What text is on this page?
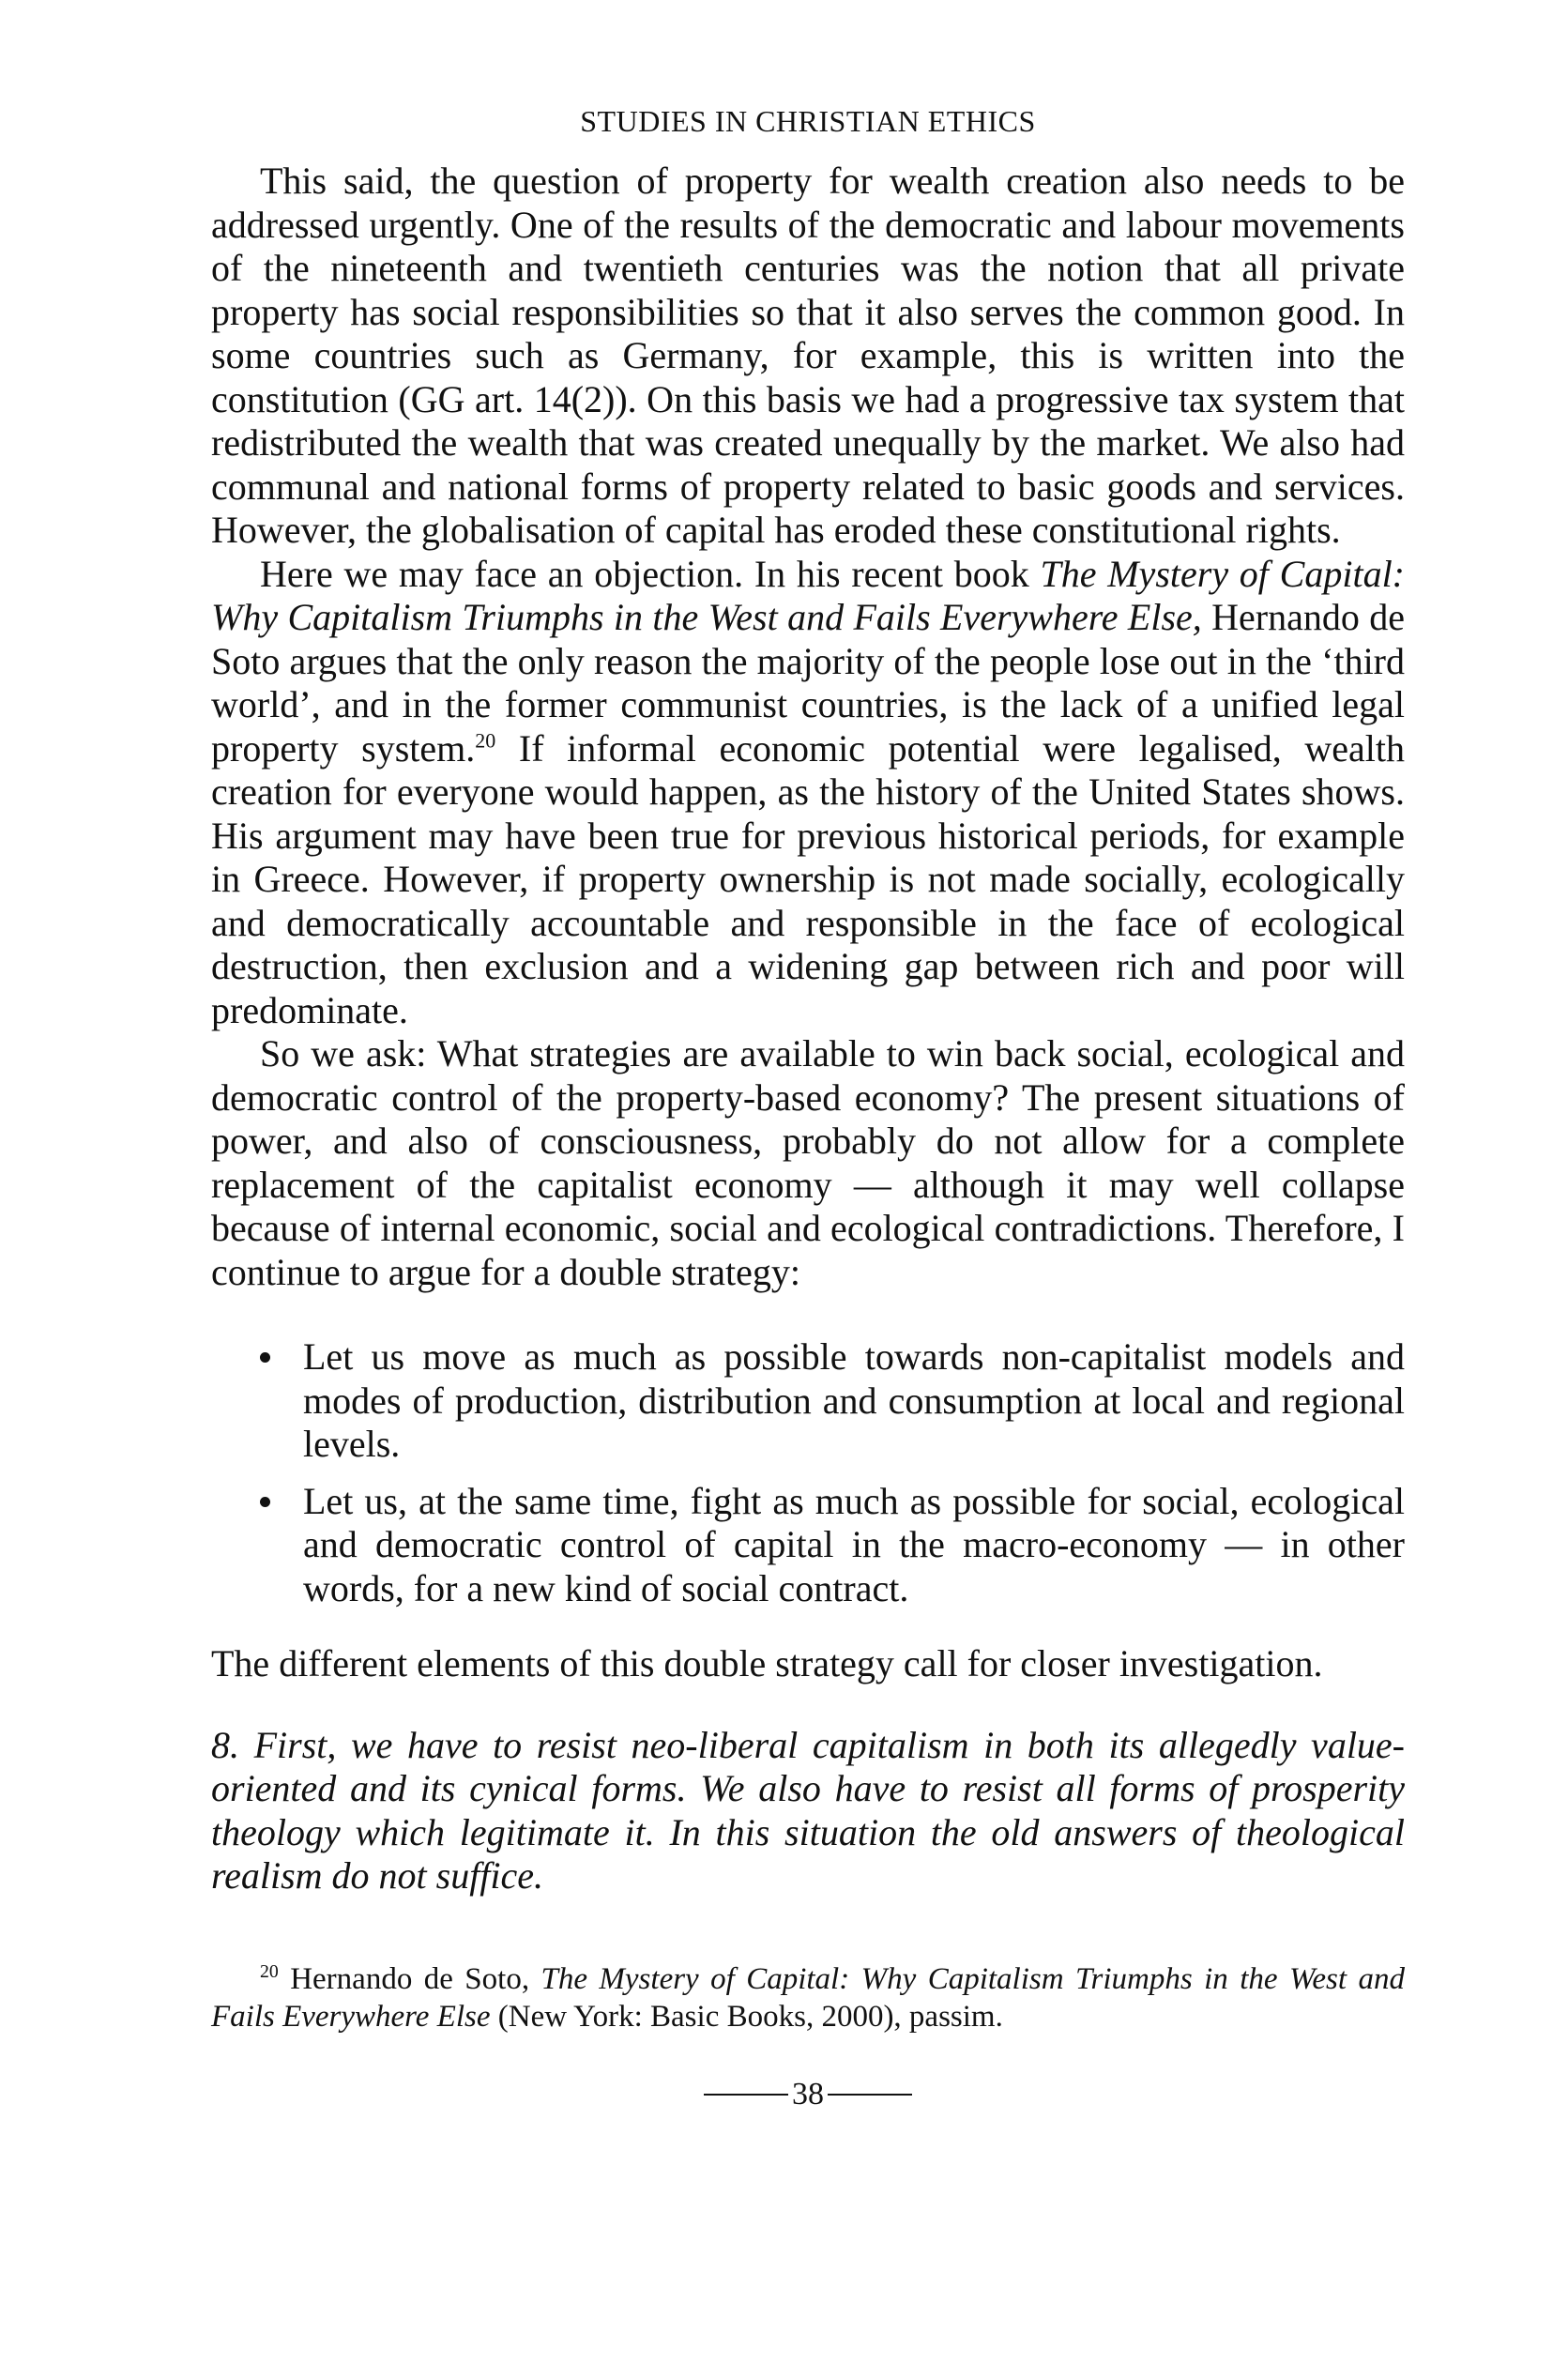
STUDIES IN CHRISTIAN ETHICS

This said, the question of property for wealth creation also needs to be addressed urgently. One of the results of the democratic and labour movements of the nineteenth and twentieth centuries was the notion that all private property has social responsibilities so that it also serves the common good. In some countries such as Germany, for example, this is written into the constitution (GG art. 14(2)). On this basis we had a progressive tax system that redistributed the wealth that was created unequally by the market. We also had communal and national forms of property related to basic goods and services. However, the globalisation of capital has eroded these constitutional rights.

Here we may face an objection. In his recent book The Mystery of Capital: Why Capitalism Triumphs in the West and Fails Everywhere Else, Hernando de Soto argues that the only reason the majority of the people lose out in the ‘third world’, and in the former communist countries, is the lack of a unified legal property system.$^{20}$ If informal economic potential were legalised, wealth creation for everyone would happen, as the history of the United States shows. His argument may have been true for previous historical periods, for example in Greece. However, if property ownership is not made socially, ecologically and democratically accountable and responsible in the face of ecological destruction, then exclusion and a widening gap between rich and poor will predominate.

So we ask: What strategies are available to win back social, ecological and democratic control of the property-based economy? The present situations of power, and also of consciousness, probably do not allow for a complete replacement of the capitalist economy — although it may well collapse because of internal economic, social and ecological contradictions. Therefore, I continue to argue for a double strategy:

Let us move as much as possible towards non-capitalist models and modes of production, distribution and consumption at local and regional levels.
Let us, at the same time, fight as much as possible for social, ecological and democratic control of capital in the macro-economy — in other words, for a new kind of social contract.

The different elements of this double strategy call for closer investigation.

8. First, we have to resist neo-liberal capitalism in both its allegedly value-oriented and its cynical forms. We also have to resist all forms of prosperity theology which legitimate it. In this situation the old answers of theological realism do not suffice.

$^{20}$ Hernando de Soto, The Mystery of Capital: Why Capitalism Triumphs in the West and Fails Everywhere Else (New York: Basic Books, 2000), passim.
38
